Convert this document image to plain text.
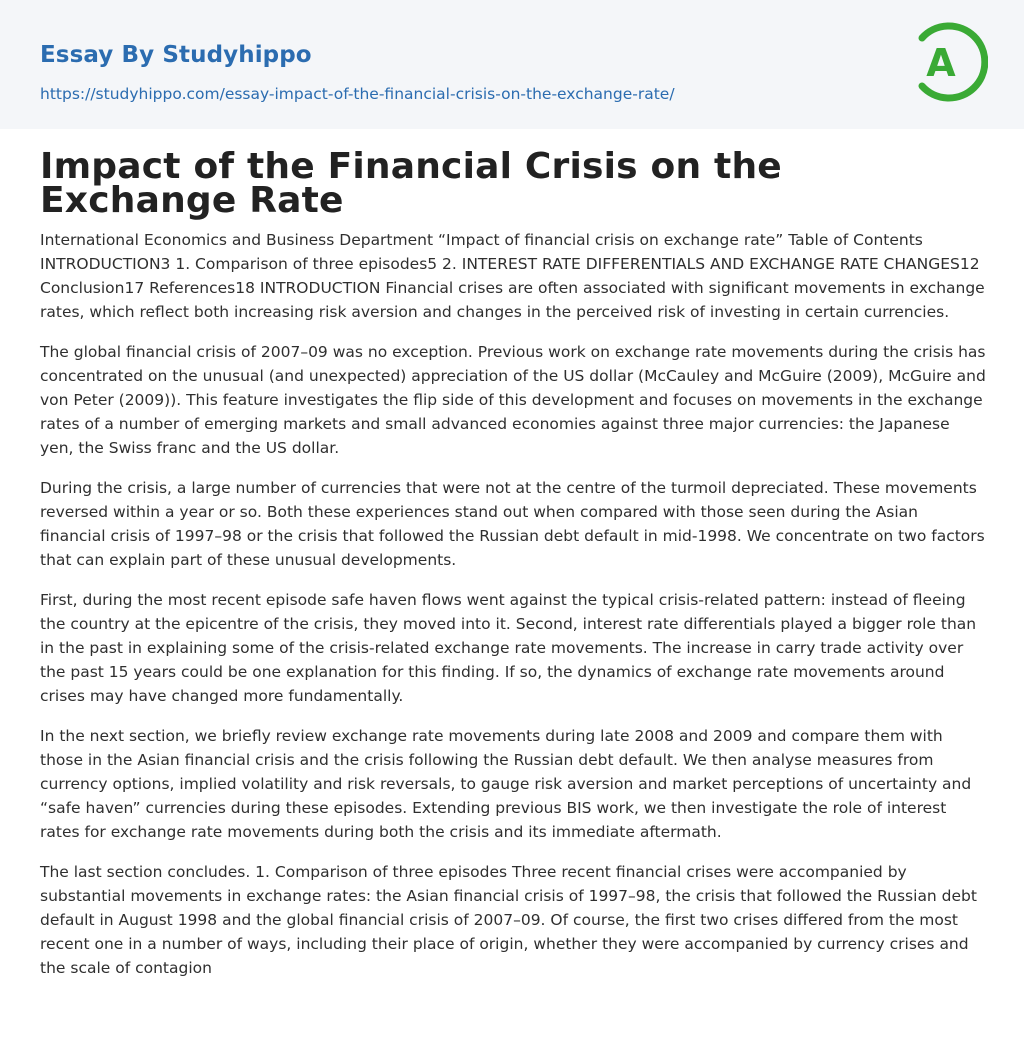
Essay By Studyhippo
https://studyhippo.com/essay-impact-of-the-financial-crisis-on-the-exchange-rate/
A
Impact of the Financial Crisis on the Exchange Rate

International Economics and Business Department “Impact of financial crisis on exchange rate” Table of Contents INTRODUCTION3 1. Comparison of three episodes5 2. INTEREST RATE DIFFERENTIALS AND EXCHANGE RATE CHANGES12 Conclusion17 References18 INTRODUCTION Financial crises are often associated with significant movements in exchange rates, which reflect both increasing risk aversion and changes in the perceived risk of investing in certain currencies.

The global financial crisis of 2007–09 was no exception. Previous work on exchange rate movements during the crisis has concentrated on the unusual (and unexpected) appreciation of the US dollar (McCauley and McGuire (2009), McGuire and von Peter (2009)). This feature investigates the flip side of this development and focuses on movements in the exchange rates of a number of emerging markets and small advanced economies against three major currencies: the Japanese yen, the Swiss franc and the US dollar.

During the crisis, a large number of currencies that were not at the centre of the turmoil depreciated. These movements reversed within a year or so. Both these experiences stand out when compared with those seen during the Asian financial crisis of 1997–98 or the crisis that followed the Russian debt default in mid-1998. We concentrate on two factors that can explain part of these unusual developments.

First, during the most recent episode safe haven flows went against the typical crisis-related pattern: instead of fleeing the country at the epicentre of the crisis, they moved into it. Second, interest rate differentials played a bigger role than in the past in explaining some of the crisis-related exchange rate movements. The increase in carry trade activity over the past 15 years could be one explanation for this finding. If so, the dynamics of exchange rate movements around crises may have changed more fundamentally.

In the next section, we briefly review exchange rate movements during late 2008 and 2009 and compare them with those in the Asian financial crisis and the crisis following the Russian debt default. We then analyse measures from currency options, implied volatility and risk reversals, to gauge risk aversion and market perceptions of uncertainty and “safe haven” currencies during these episodes. Extending previous BIS work, we then investigate the role of interest rates for exchange rate movements during both the crisis and its immediate aftermath.

The last section concludes. 1. Comparison of three episodes Three recent financial crises were accompanied by substantial movements in exchange rates: the Asian financial crisis of 1997–98, the crisis that followed the Russian debt default in August 1998 and the global financial crisis of 2007–09. Of course, the first two crises differed from the most recent one in a number of ways, including their place of origin, whether they were accompanied by currency crises and the scale of contagion
